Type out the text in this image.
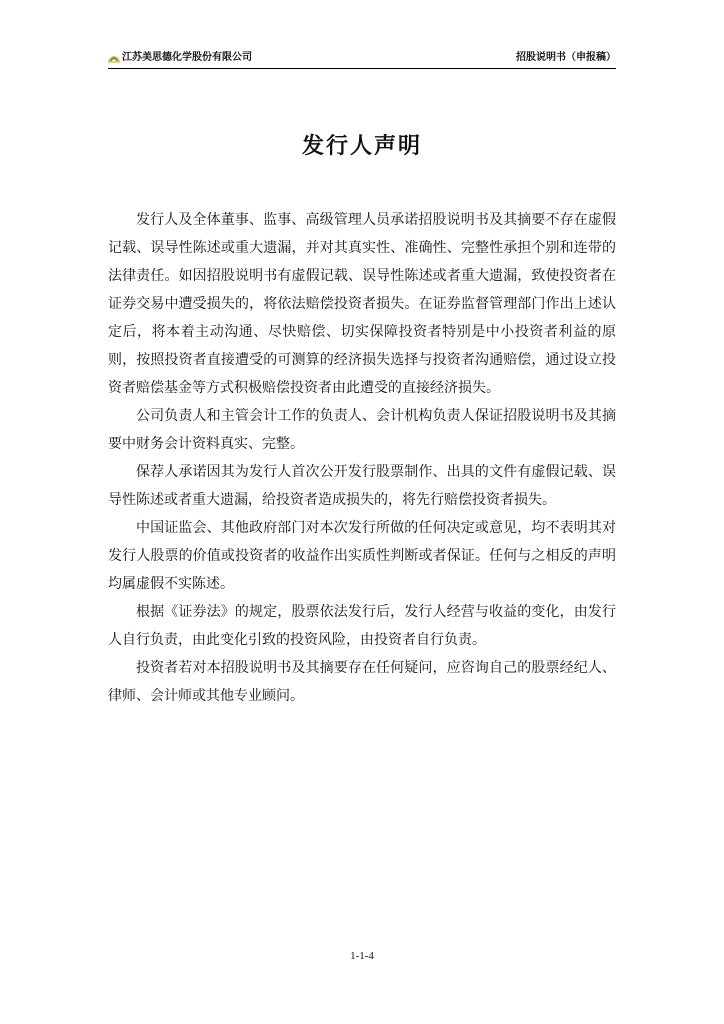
江苏美思德化学股份有限公司	招股说明书（申报稿）
发行人声明

发行人及全体董事、监事、高级管理人员承诺招股说明书及其摘要不存在虚假记载、误导性陈述或重大遗漏，并对其真实性、准确性、完整性承担个别和连带的法律责任。如因招股说明书有虚假记载、误导性陈述或者重大遗漏，致使投资者在证券交易中遭受损失的，将依法赔偿投资者损失。在证券监督管理部门作出上述认定后，将本着主动沟通、尽快赔偿、切实保障投资者特别是中小投资者利益的原则，按照投资者直接遭受的可测算的经济损失选择与投资者沟通赔偿，通过设立投资者赔偿基金等方式积极赔偿投资者由此遭受的直接经济损失。

公司负责人和主管会计工作的负责人、会计机构负责人保证招股说明书及其摘要中财务会计资料真实、完整。

保荐人承诺因其为发行人首次公开发行股票制作、出具的文件有虚假记载、误导性陈述或者重大遗漏，给投资者造成损失的，将先行赔偿投资者损失。

中国证监会、其他政府部门对本次发行所做的任何决定或意见，均不表明其对发行人股票的价值或投资者的收益作出实质性判断或者保证。任何与之相反的声明均属虚假不实陈述。

根据《证券法》的规定，股票依法发行后，发行人经营与收益的变化，由发行人自行负责，由此变化引致的投资风险，由投资者自行负责。

投资者若对本招股说明书及其摘要存在任何疑问，应咨询自己的股票经纪人、律师、会计师或其他专业顾问。

1-1-4
